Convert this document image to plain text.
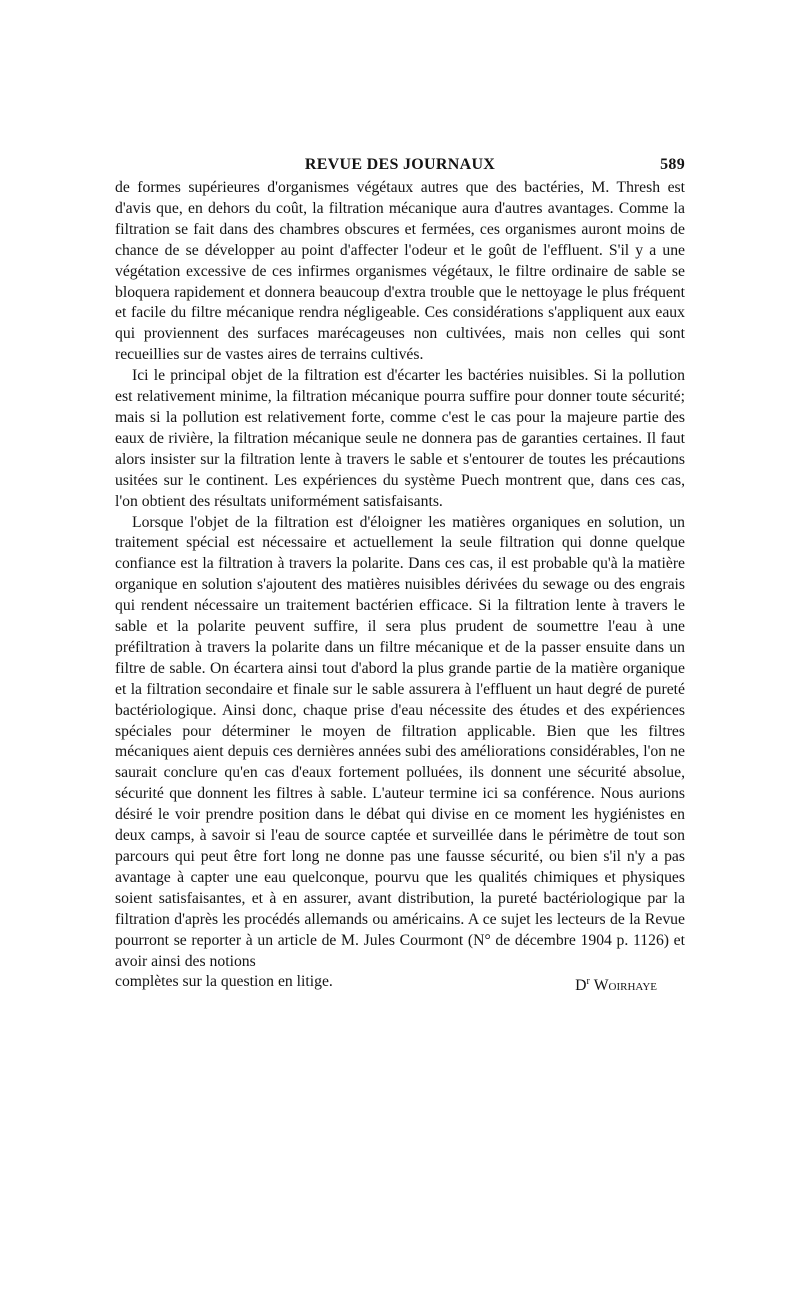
REVUE DES JOURNAUX	589

de formes supérieures d'organismes végétaux autres que des bactéries, M. Thresh est d'avis que, en dehors du coût, la filtration mécanique aura d'autres avantages. Comme la filtration se fait dans des chambres obscures et fermées, ces organismes auront moins de chance de se développer au point d'affecter l'odeur et le goût de l'effluent. S'il y a une végétation excessive de ces infirmes organismes végétaux, le filtre ordinaire de sable se bloquera rapidement et donnera beaucoup d'extra trouble que le nettoyage le plus fréquent et facile du filtre mécanique rendra négligeable. Ces considérations s'appliquent aux eaux qui proviennent des surfaces marécageuses non cultivées, mais non celles qui sont recueillies sur de vastes aires de terrains cultivés.

Ici le principal objet de la filtration est d'écarter les bactéries nuisibles. Si la pollution est relativement minime, la filtration mécanique pourra suffire pour donner toute sécurité; mais si la pollution est relativement forte, comme c'est le cas pour la majeure partie des eaux de rivière, la filtration mécanique seule ne donnera pas de garanties certaines. Il faut alors insister sur la filtration lente à travers le sable et s'entourer de toutes les précautions usitées sur le continent. Les expériences du système Puech montrent que, dans ces cas, l'on obtient des résultats uniformément satisfaisants.

Lorsque l'objet de la filtration est d'éloigner les matières organiques en solution, un traitement spécial est nécessaire et actuellement la seule filtration qui donne quelque confiance est la filtration à travers la polarite. Dans ces cas, il est probable qu'à la matière organique en solution s'ajoutent des matières nuisibles dérivées du sewage ou des engrais qui rendent nécessaire un traitement bactérien efficace. Si la filtration lente à travers le sable et la polarite peuvent suffire, il sera plus prudent de soumettre l'eau à une préfiltration à travers la polarite dans un filtre mécanique et de la passer ensuite dans un filtre de sable. On écartera ainsi tout d'abord la plus grande partie de la matière organique et la filtration secondaire et finale sur le sable assurera à l'effluent un haut degré de pureté bactériologique. Ainsi donc, chaque prise d'eau nécessite des études et des expériences spéciales pour déterminer le moyen de filtration applicable. Bien que les filtres mécaniques aient depuis ces dernières années subi des améliorations considérables, l'on ne saurait conclure qu'en cas d'eaux fortement polluées, ils donnent une sécurité absolue, sécurité que donnent les filtres à sable. L'auteur termine ici sa conférence. Nous aurions désiré le voir prendre position dans le débat qui divise en ce moment les hygiénistes en deux camps, à savoir si l'eau de source captée et surveillée dans le périmètre de tout son parcours qui peut être fort long ne donne pas une fausse sécurité, ou bien s'il n'y a pas avantage à capter une eau quelconque, pourvu que les qualités chimiques et physiques soient satisfaisantes, et à en assurer, avant distribution, la pureté bactériologique par la filtration d'après les procédés allemands ou américains. A ce sujet les lecteurs de la Revue pourront se reporter à un article de M. Jules Courmont (N° de décembre 1904 p. 1126) et avoir ainsi des notions

complètes sur la question en litige.	$D^r$ Woirhaye
